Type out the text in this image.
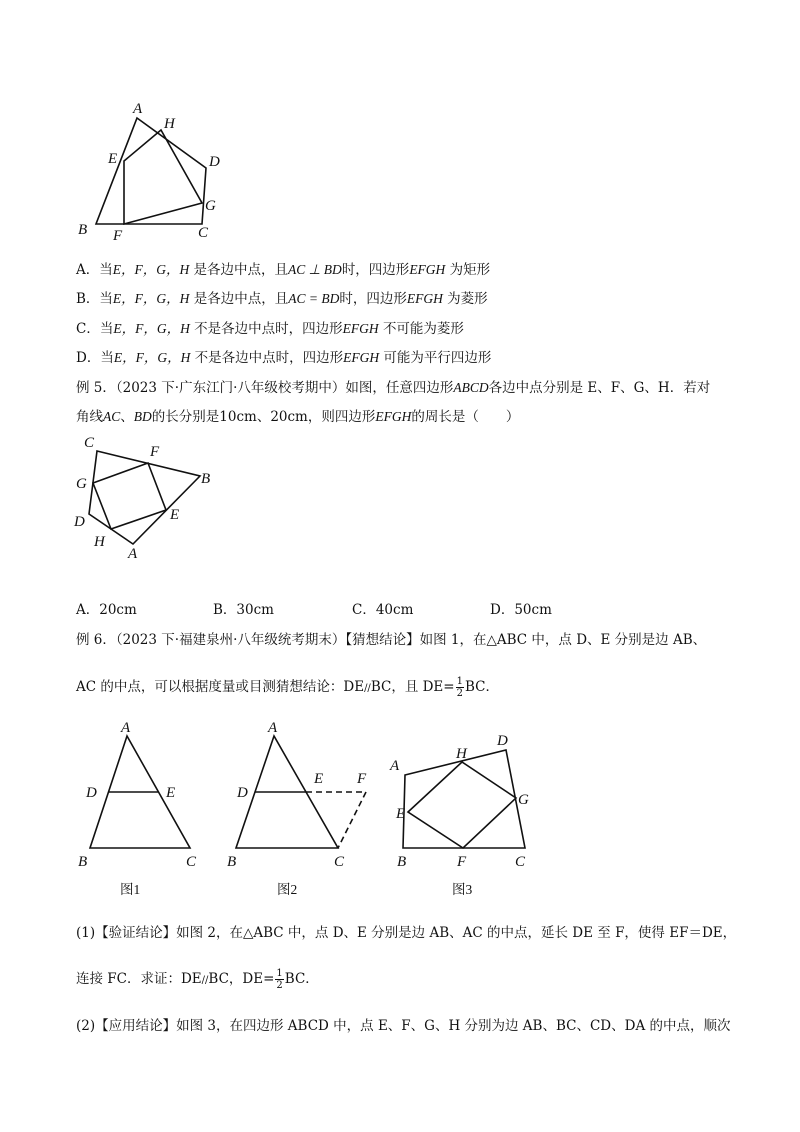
A
H
E	D
G
B F	C
A．当E，F，G，H 是各边中点，且AC ⊥ BD时，四边形EFGH 为矩形
B．当E，F，G，H 是各边中点，且AC = BD时，四边形EFGH 为菱形
C．当E，F，G，H 不是各边中点时，四边形EFGH 不可能为菱形
D．当E，F，G，H 不是各边中点时，四边形EFGH 可能为平行四边形
例 5．（2023 下·广东江门·八年级校考期中）如图，任意四边形ABCD各边中点分别是 E、F、G、H．若对
角线AC、BD的长分别是10cm、20cm，则四边形EFGH的周长是（　　）
C
F
B
G
D	E
H
A
A．20cm	B．30cm	C．40cm	D．50cm
例 6．（2023 下·福建泉州·八年级统考期末）【猜想结论】如图 1，在△ABC 中，点 D、E 分别是边 AB、
AC 的中点，可以根据度量或目测猜想结论：DE//BC，且 $DE= \frac{1}{2}$ BC．
A
D	E
B	C
A
D
E F
B	C
A
H
D
E
G
B	F	C
图1	图2	图3
(1)【验证结论】如图 2，在△ABC 中，点 D、E 分别是边 AB、AC 的中点，延长 DE 至 F，使得 EF＝DE，
连接 FC．求证：DE//BC，$DE= \frac{1}{2}$ BC．
(2)【应用结论】如图 3，在四边形 ABCD 中，点 E、F、G、H 分别为边 AB、BC、CD、DA 的中点，顺次
